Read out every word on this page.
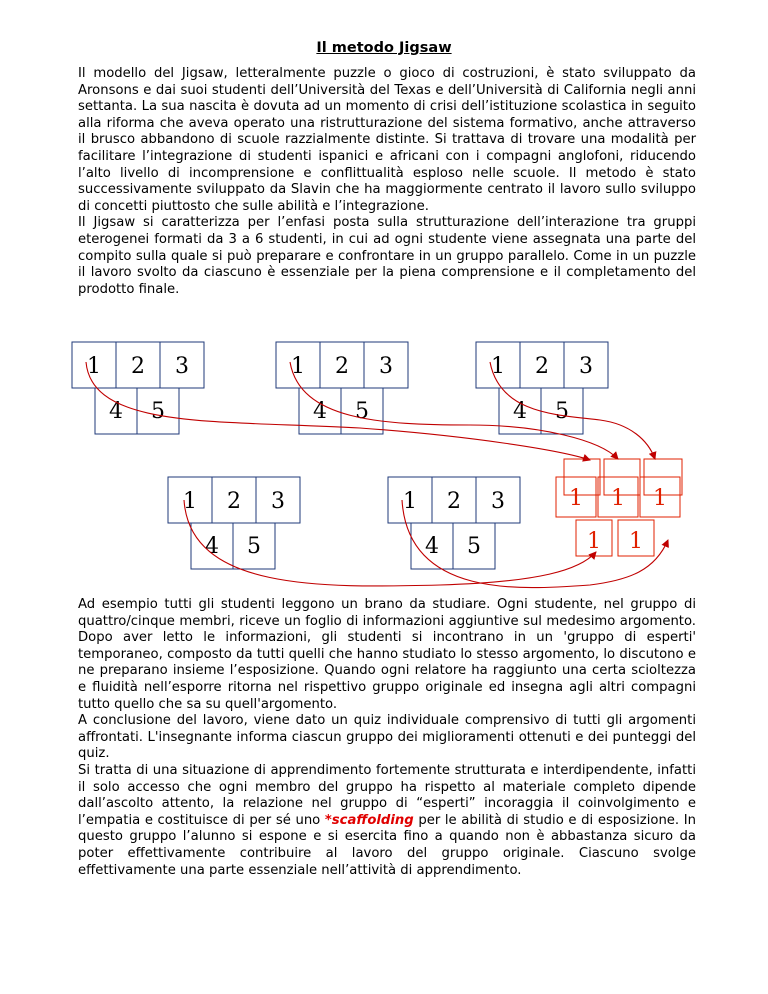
Il metodo Jigsaw

Il modello del Jigsaw, letteralmente puzzle o gioco di costruzioni, è stato sviluppato da Aronsons e dai suoi studenti dell’Università del Texas e dell’Università di California negli anni settanta. La sua nascita è dovuta ad un momento di crisi dell’istituzione scolastica in seguito alla riforma che aveva operato una ristrutturazione del sistema formativo, anche attraverso il brusco abbandono di scuole razzialmente distinte. Si trattava di trovare una modalità per facilitare l’integrazione di studenti ispanici e africani con i compagni anglofoni, riducendo l’alto livello di incomprensione e conflittualità esploso nelle scuole. Il metodo è stato successivamente sviluppato da Slavin che ha maggiormente centrato il lavoro sullo sviluppo di concetti piuttosto che sulle abilità e l’integrazione.

Il Jigsaw si caratterizza per l’enfasi posta sulla strutturazione dell’interazione tra gruppi eterogenei formati da 3 a 6 studenti, in cui ad ogni studente viene assegnata una parte del compito sulla quale si può preparare e confrontare in un gruppo parallelo. Come in un puzzle il lavoro svolto da ciascuno è essenziale per la piena comprensione e il completamento del prodotto finale.

1 2 3
4 5
1 2 3
4 5
1 2 3
4 5
1 2 3
4 5
1 2 3
4 5
1 1 1
1 1

Ad esempio tutti gli studenti leggono un brano da studiare. Ogni studente, nel gruppo di quattro/cinque membri, riceve un foglio di informazioni aggiuntive sul medesimo argomento. Dopo aver letto le informazioni, gli studenti si incontrano in un 'gruppo di esperti' temporaneo, composto da tutti quelli che hanno studiato lo stesso argomento, lo discutono e ne preparano insieme l’esposizione. Quando ogni relatore ha raggiunto una certa scioltezza e fluidità nell’esporre ritorna nel rispettivo gruppo originale ed insegna agli altri compagni tutto quello che sa su quell'argomento.

A conclusione del lavoro, viene dato un quiz individuale comprensivo di tutti gli argomenti affrontati. L'insegnante informa ciascun gruppo dei miglioramenti ottenuti e dei punteggi del quiz.

Si tratta di una situazione di apprendimento fortemente strutturata e interdipendente, infatti il solo accesso che ogni membro del gruppo ha rispetto al materiale completo dipende dall’ascolto attento, la relazione nel gruppo di “esperti” incoraggia il coinvolgimento e l’empatia e costituisce di per sé uno *scaffolding per le abilità di studio e di esposizione. In questo gruppo l’alunno si espone e si esercita fino a quando non è abbastanza sicuro da poter effettivamente contribuire al lavoro del gruppo originale. Ciascuno svolge effettivamente una parte essenziale nell’attività di apprendimento.
